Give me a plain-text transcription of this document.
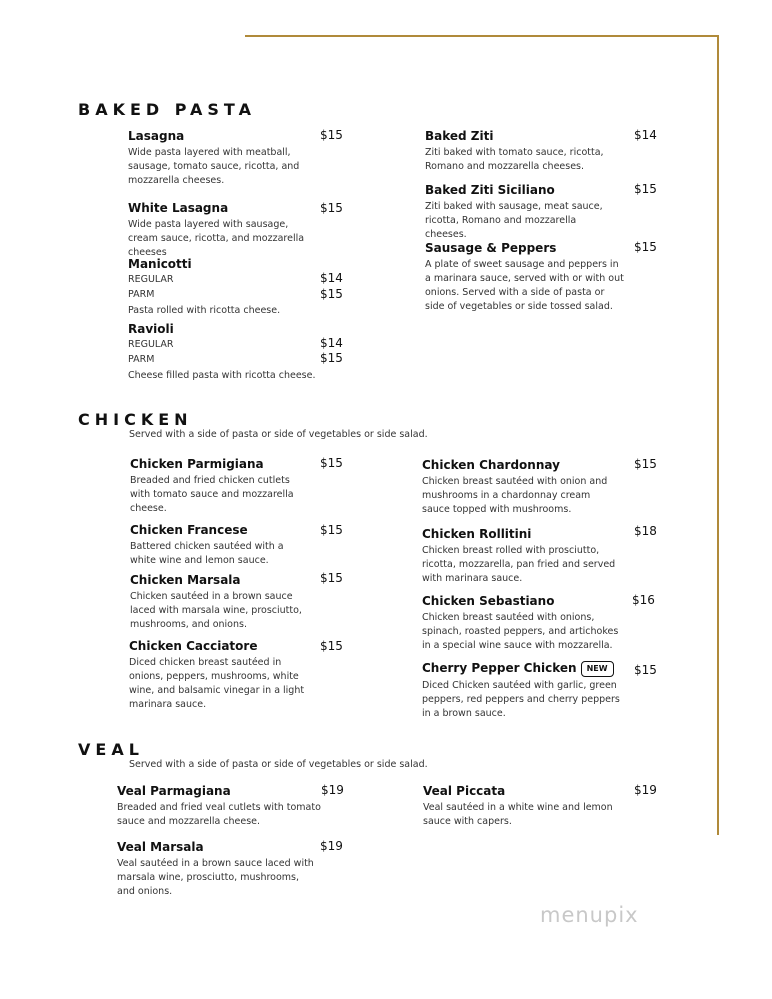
BAKED PASTA
Lasagna
Wide pasta layered with meatball, sausage, tomato sauce, ricotta, and mozzarella cheeses.
$15
White Lasagna
Wide pasta layered with sausage, cream sauce, ricotta, and mozzarella cheeses
$15
Manicotti
REGULAR
PARM
Pasta rolled with ricotta cheese.
$14
$15
Ravioli
REGULAR
PARM
Cheese filled pasta with ricotta cheese.
$14
$15
Baked Ziti
Ziti baked with tomato sauce, ricotta, Romano and mozzarella cheeses.
$14
Baked Ziti Siciliano
Ziti baked with sausage, meat sauce, ricotta, Romano and mozzarella cheeses.
$15
Sausage & Peppers
A plate of sweet sausage and peppers in a marinara sauce, served with or with out onions. Served with a side of pasta or side of vegetables or side tossed salad.
$15
CHICKEN
Served with a side of pasta or side of vegetables or side salad.
Chicken Parmigiana
Breaded and fried chicken cutlets with tomato sauce and mozzarella cheese.
$15
Chicken Francese
Battered chicken sautéed with a white wine and lemon sauce.
$15
Chicken Marsala
Chicken sautéed in a brown sauce laced with marsala wine, prosciutto, mushrooms, and onions.
$15
Chicken Cacciatore
Diced chicken breast sautéed in onions, peppers, mushrooms, white wine, and balsamic vinegar in a light marinara sauce.
$15
Chicken Chardonnay
Chicken breast sautéed with onion and mushrooms in a chardonnay cream sauce topped with mushrooms.
$15
Chicken Rollitini
Chicken breast rolled with prosciutto, ricotta, mozzarella, pan fried and served with marinara sauce.
$18
Chicken Sebastiano
Chicken breast sautéed with onions, spinach, roasted peppers, and artichokes in a special wine sauce with mozzarella.
$16
Cherry Pepper Chicken NEW
Diced Chicken sautéed with garlic, green peppers, red peppers and cherry peppers in a brown sauce.
$15
VEAL
Served with a side of pasta or side of vegetables or side salad.
Veal Parmagiana
Breaded and fried veal cutlets with tomato sauce and mozzarella cheese.
$19
Veal Marsala
Veal sautéed in a brown sauce laced with marsala wine, prosciutto, mushrooms, and onions.
$19
Veal Piccata
Veal sautéed in a white wine and lemon sauce with capers.
$19
menupix
